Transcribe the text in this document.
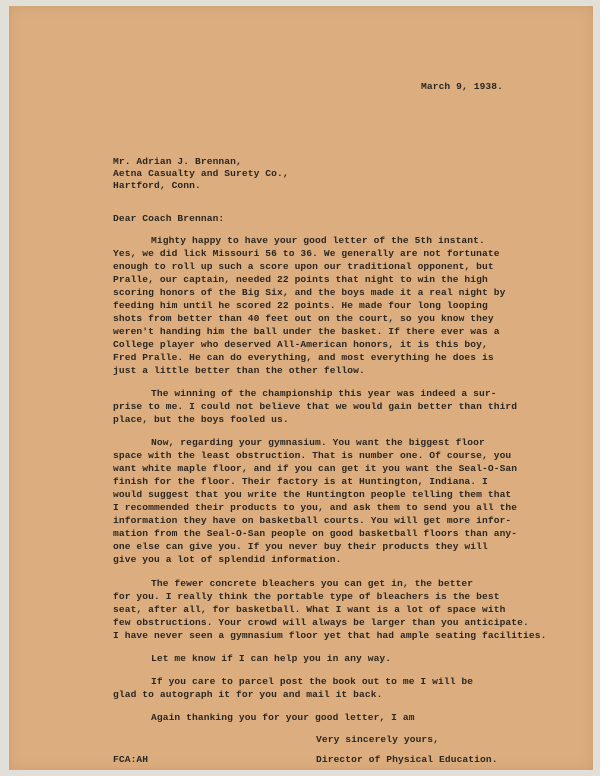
March 9, 1938.
Mr. Adrian J. Brennan,
Aetna Casualty and Surety Co.,
Hartford, Conn.
Dear Coach Brennan:
Mighty happy to have your good letter of the 5th instant.
Yes, we did lick Missouri 56 to 36. We generally are not fortunate
enough to roll up such a score upon our traditional opponent, but
Pralle, our captain, needed 22 points that night to win the high
scoring honors of the Big Six, and the boys made it a real night by
feeding him until he scored 22 points. He made four long looping
shots from better than 40 feet out on the court, so you know they
weren't handing him the ball under the basket. If there ever was a
College player who deserved All-American honors, it is this boy,
Fred Pralle. He can do everything, and most everything he does is
just a little better than the other fellow.
The winning of the championship this year was indeed a sur-
prise to me. I could not believe that we would gain better than third
place, but the boys fooled us.
Now, regarding your gymnasium. You want the biggest floor
space with the least obstruction. That is number one. Of course, you
want white maple floor, and if you can get it you want the Seal-O-San
finish for the floor. Their factory is at Huntington, Indiana. I
would suggest that you write the Huntington people telling them that
I recommended their products to you, and ask them to send you all the
information they have on basketball courts. You will get more infor-
mation from the Seal-O-San people on good basketball floors than any-
one else can give you. If you never buy their products they will
give you a lot of splendid information.
The fewer concrete bleachers you can get in, the better
for you. I really think the portable type of bleachers is the best
seat, after all, for basketball. What I want is a lot of space with
few obstructions. Your crowd will always be larger than you anticipate.
I have never seen a gymnasium floor yet that had ample seating facilities.
Let me know if I can help you in any way.
If you care to parcel post the book out to me I will be
glad to autograph it for you and mail it back.
Again thanking you for your good letter, I am
Very sincerely yours,
FCA:AH	Director of Physical Education.
